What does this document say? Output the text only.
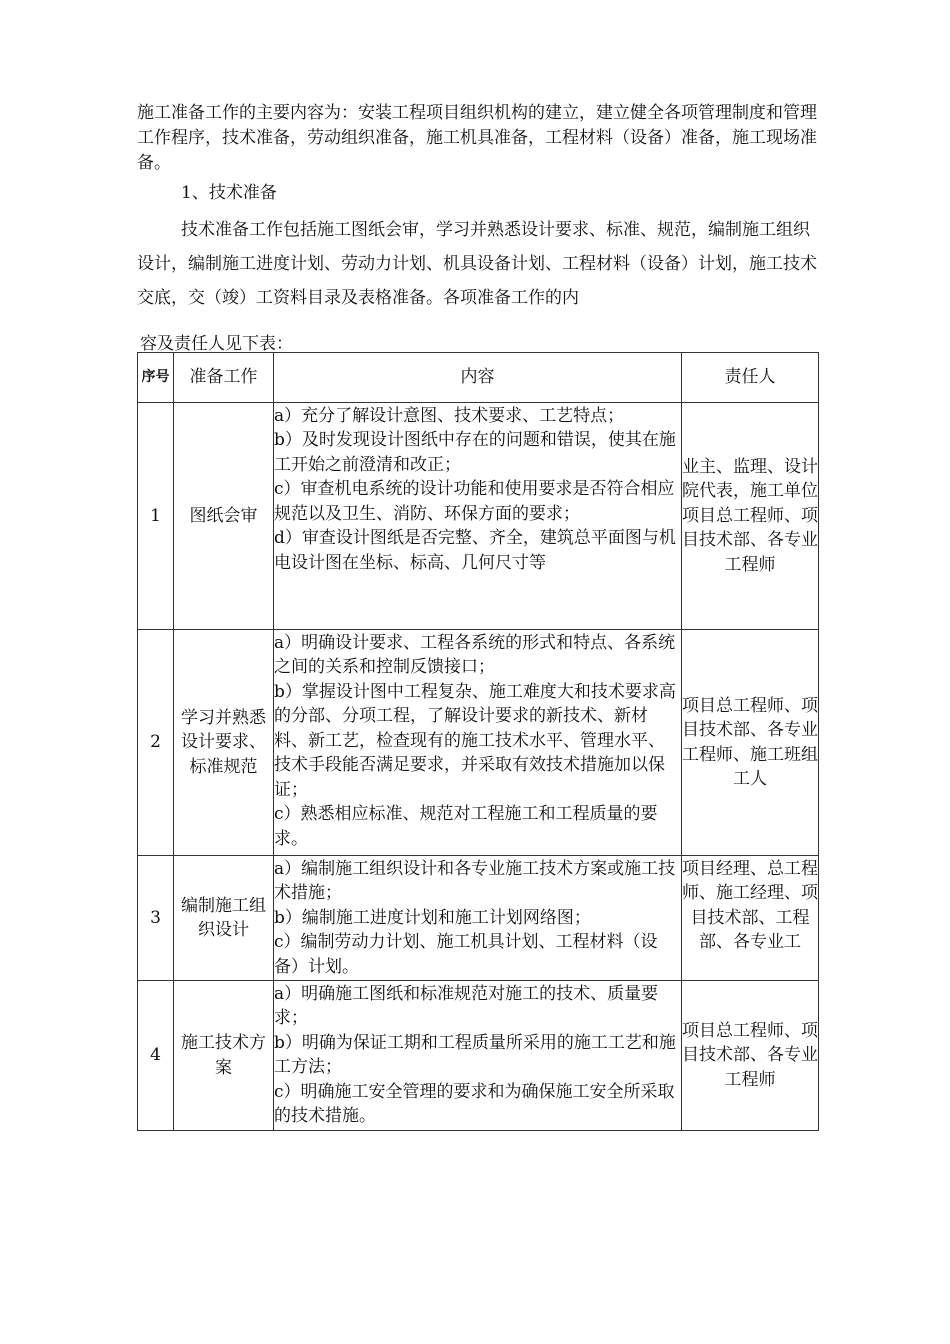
施工准备工作的主要内容为：安装工程项目组织机构的建立，建立健全各项管理制度和管理工作程序，技术准备，劳动组织准备，施工机具准备，工程材料（设备）准备，施工现场准备。

1、技术准备

技术准备工作包括施工图纸会审，学习并熟悉设计要求、标准、规范，编制施工组织设计，编制施工进度计划、劳动力计划、机具设备计划、工程材料（设备）计划，施工技术交底，交（竣）工资料目录及表格准备。各项准备工作的内

容及责任人见下表：
序号	准备工作	内容	责任人
1	图纸会审	a）充分了解设计意图、技术要求、工艺特点；
b）及时发现设计图纸中存在的问题和错误，使其在施工开始之前澄清和改正；
c）审查机电系统的设计功能和使用要求是否符合相应规范以及卫生、消防、环保方面的要求；
d）审查设计图纸是否完整、齐全，建筑总平面图与机电设计图在坐标、标高、几何尺寸等	业主、监理、设计院代表，施工单位项目总工程师、项目技术部、各专业工程师
2	学习并熟悉设计要求、标准规范	a）明确设计要求、工程各系统的形式和特点、各系统之间的关系和控制反馈接口；
b）掌握设计图中工程复杂、施工难度大和技术要求高的分部、分项工程，了解设计要求的新技术、新材料、新工艺，检查现有的施工技术水平、管理水平、技术手段能否满足要求，并采取有效技术措施加以保证；
c）熟悉相应标准、规范对工程施工和工程质量的要求。	项目总工程师、项目技术部、各专业工程师、施工班组工人
3	编制施工组织设计	a）编制施工组织设计和各专业施工技术方案或施工技术措施；
b）编制施工进度计划和施工计划网络图；
c）编制劳动力计划、施工机具计划、工程材料（设备）计划。	项目经理、总工程师、施工经理、项目技术部、工程部、各专业工

4	施工技术方案	a）明确施工图纸和标准规范对施工的技术、质量要求；
b）明确为保证工期和工程质量所采用的施工工艺和施工方法；
c）明确施工安全管理的要求和为确保施工安全所采取的技术措施。	项目总工程师、项目技术部、各专业工程师
